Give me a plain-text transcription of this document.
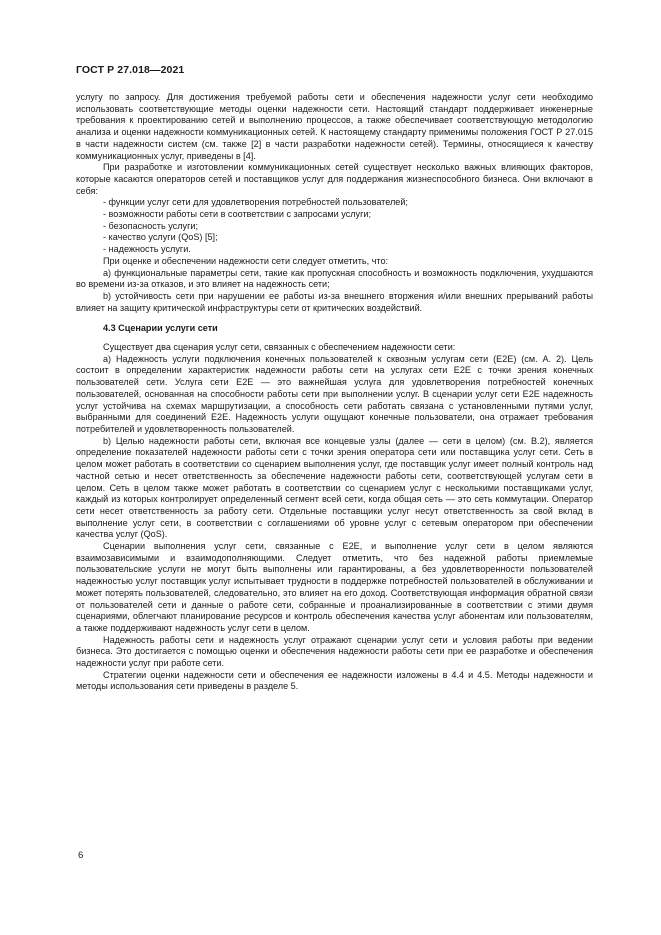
ГОСТ Р 27.018—2021

услугу по запросу. Для достижения требуемой работы сети и обеспечения надежности услуг сети необходимо использовать соответствующие методы оценки надежности сети. Настоящий стандарт поддерживает инженерные требования к проектированию сетей и выполнению процессов, а также обеспечивает соответствующую методологию анализа и оценки надежности коммуникационных сетей. К настоящему стандарту применимы положения ГОСТ Р 27.015 в части надежности систем (см. также [2] в части разработки надежности сетей). Термины, относящиеся к качеству коммуникационных услуг, приведены в [4].

При разработке и изготовлении коммуникационных сетей существует несколько важных влияющих факторов, которые касаются операторов сетей и поставщиков услуг для поддержания жизнеспособного бизнеса. Они включают в себя:

- функции услуг сети для удовлетворения потребностей пользователей;

- возможности работы сети в соответствии с запросами услуги;

- безопасность услуги;

- качество услуги (QoS) [5];

- надежность услуги.

При оценке и обеспечении надежности сети следует отметить, что:

а) функциональные параметры сети, такие как пропускная способность и возможность подключения, ухудшаются во времени из-за отказов, и это влияет на надежность сети;

b) устойчивость сети при нарушении ее работы из-за внешнего вторжения и/или внешних прерываний работы влияет на защиту критической инфраструктуры сети от критических воздействий.

4.3 Сценарии услуги сети

Существует два сценария услуг сети, связанных с обеспечением надежности сети:

а) Надежность услуги подключения конечных пользователей к сквозным услугам сети (E2E) (см. А. 2). Цель состоит в определении характеристик надежности работы сети на услугах сети E2E с точки зрения конечных пользователей сети. Услуга сети E2E — это важнейшая услуга для удовлетворения потребностей конечных пользователей, основанная на способности работы сети при выполнении услуг. В сценарии услуг сети E2E надежность услуг устойчива на схемах маршрутизации, а способность сети работать связана с установленными путями услуг, выбранными для соединений E2E. Надежность услуги ощущают конечные пользователи, она отражает требования потребителей и удовлетворенность пользователей.

b) Целью надежности работы сети, включая все концевые узлы (далее — сети в целом) (см. В.2), является определение показателей надежности работы сети с точки зрения оператора сети или поставщика услуг сети. Сеть в целом может работать в соответствии со сценарием выполнения услуг, где поставщик услуг имеет полный контроль над частной сетью и несет ответственность за обеспечение надежности работы сети, соответствующей услугам сети в целом. Сеть в целом также может работать в соответствии со сценарием услуг с несколькими поставщиками услуг, каждый из которых контролирует определенный сегмент всей сети, когда общая сеть — это сеть коммутации. Оператор сети несет ответственность за работу сети. Отдельные поставщики услуг несут ответственность за свой вклад в выполнение услуг сети, в соответствии с соглашениями об уровне услуг с сетевым оператором при обеспечении качества услуг (QoS).

Сценарии выполнения услуг сети, связанные с E2E, и выполнение услуг сети в целом являются взаимозависимыми и взаимодополняющими. Следует отметить, что без надежной работы приемлемые пользовательские услуги не могут быть выполнены или гарантированы, а без удовлетворенности пользователей надежностью услуг поставщик услуг испытывает трудности в поддержке потребностей пользователей в обслуживании и может потерять пользователей, следовательно, это влияет на его доход. Соответствующая информация обратной связи от пользователей сети и данные о работе сети, собранные и проанализированные в соответствии с этими двумя сценариями, облегчают планирование ресурсов и контроль обеспечения качества услуг абонентам или пользователям, а также поддерживают надежность услуг сети в целом.

Надежность работы сети и надежность услуг отражают сценарии услуг сети и условия работы при ведении бизнеса. Это достигается с помощью оценки и обеспечения надежности работы сети при ее разработке и обеспечения надежности услуг при работе сети.

Стратегии оценки надежности сети и обеспечения ее надежности изложены в 4.4 и 4.5. Методы надежности и методы использования сети приведены в разделе 5.

6
